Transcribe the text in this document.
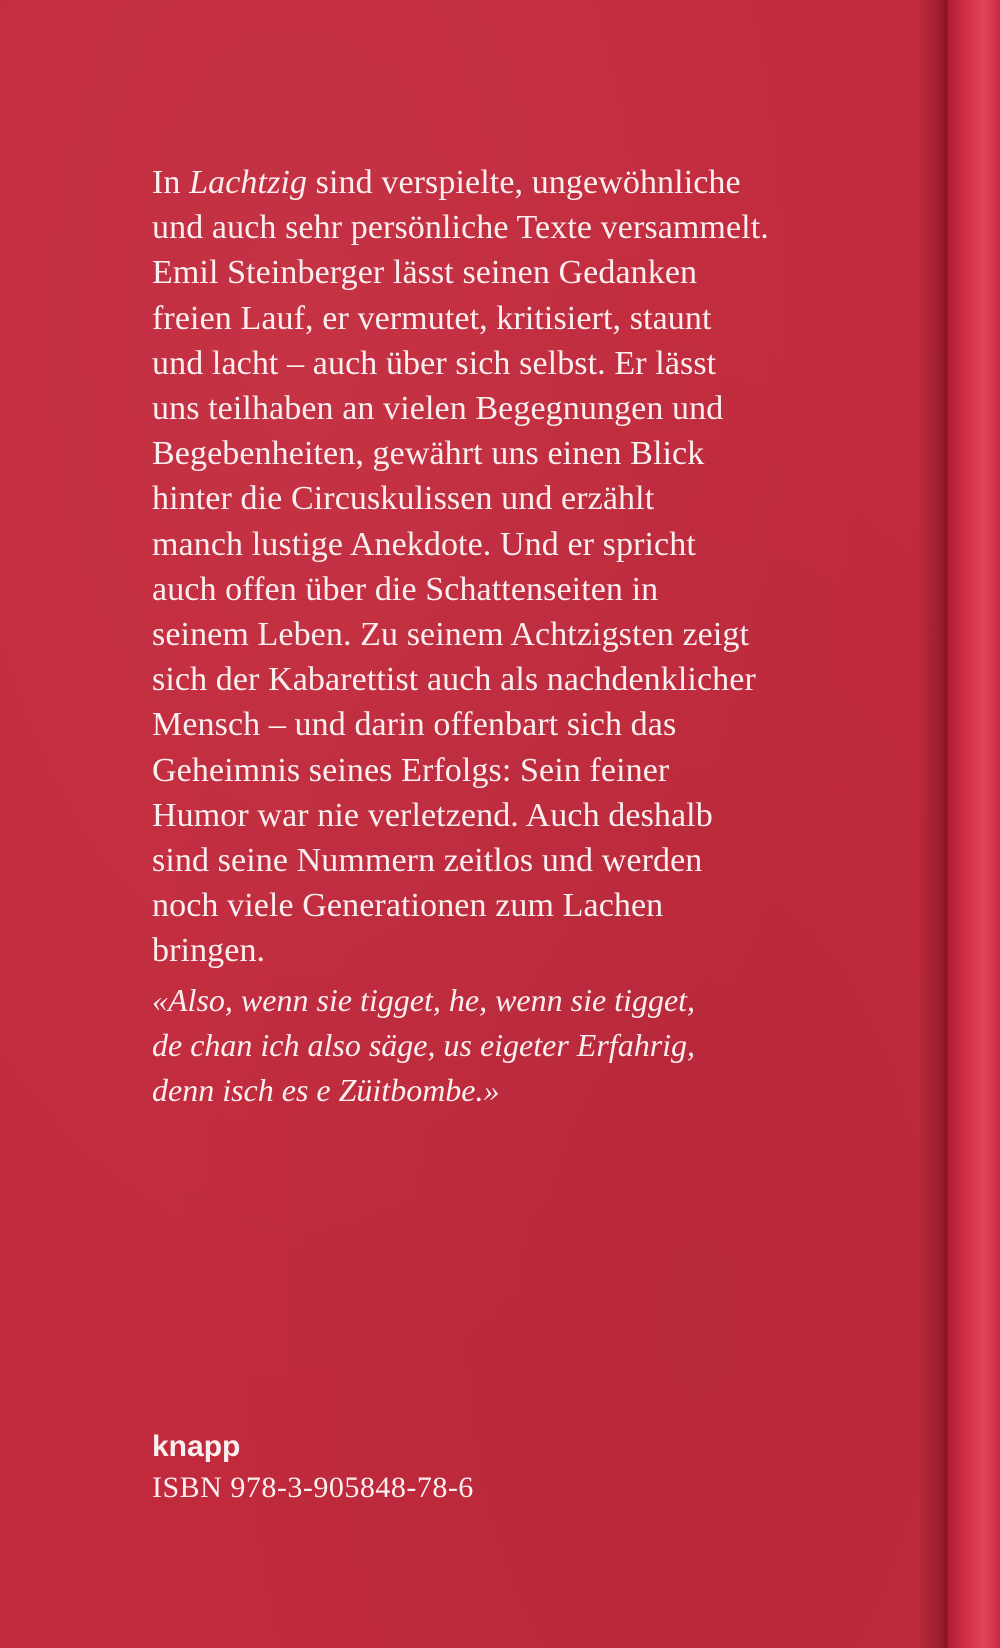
In Lachtzig sind verspielte, ungewöhnliche
und auch sehr persönliche Texte versammelt.
Emil Steinberger lässt seinen Gedanken
freien Lauf, er vermutet, kritisiert, staunt
und lacht – auch über sich selbst. Er lässt
uns teilhaben an vielen Begegnungen und
Begebenheiten, gewährt uns einen Blick
hinter die Circuskulissen und erzählt
manch lustige Anekdote. Und er spricht
auch offen über die Schattenseiten in
seinem Leben. Zu seinem Achtzigsten zeigt
sich der Kabarettist auch als nachdenklicher
Mensch – und darin offenbart sich das
Geheimnis seines Erfolgs: Sein feiner
Humor war nie verletzend. Auch deshalb
sind seine Nummern zeitlos und werden
noch viele Generationen zum Lachen
bringen.
«Also, wenn sie tigget, he, wenn sie tigget,
de chan ich also säge, us eigeter Erfahrig,
denn isch es e Züitbombe.»
knapp
ISBN 978-3-905848-78-6
